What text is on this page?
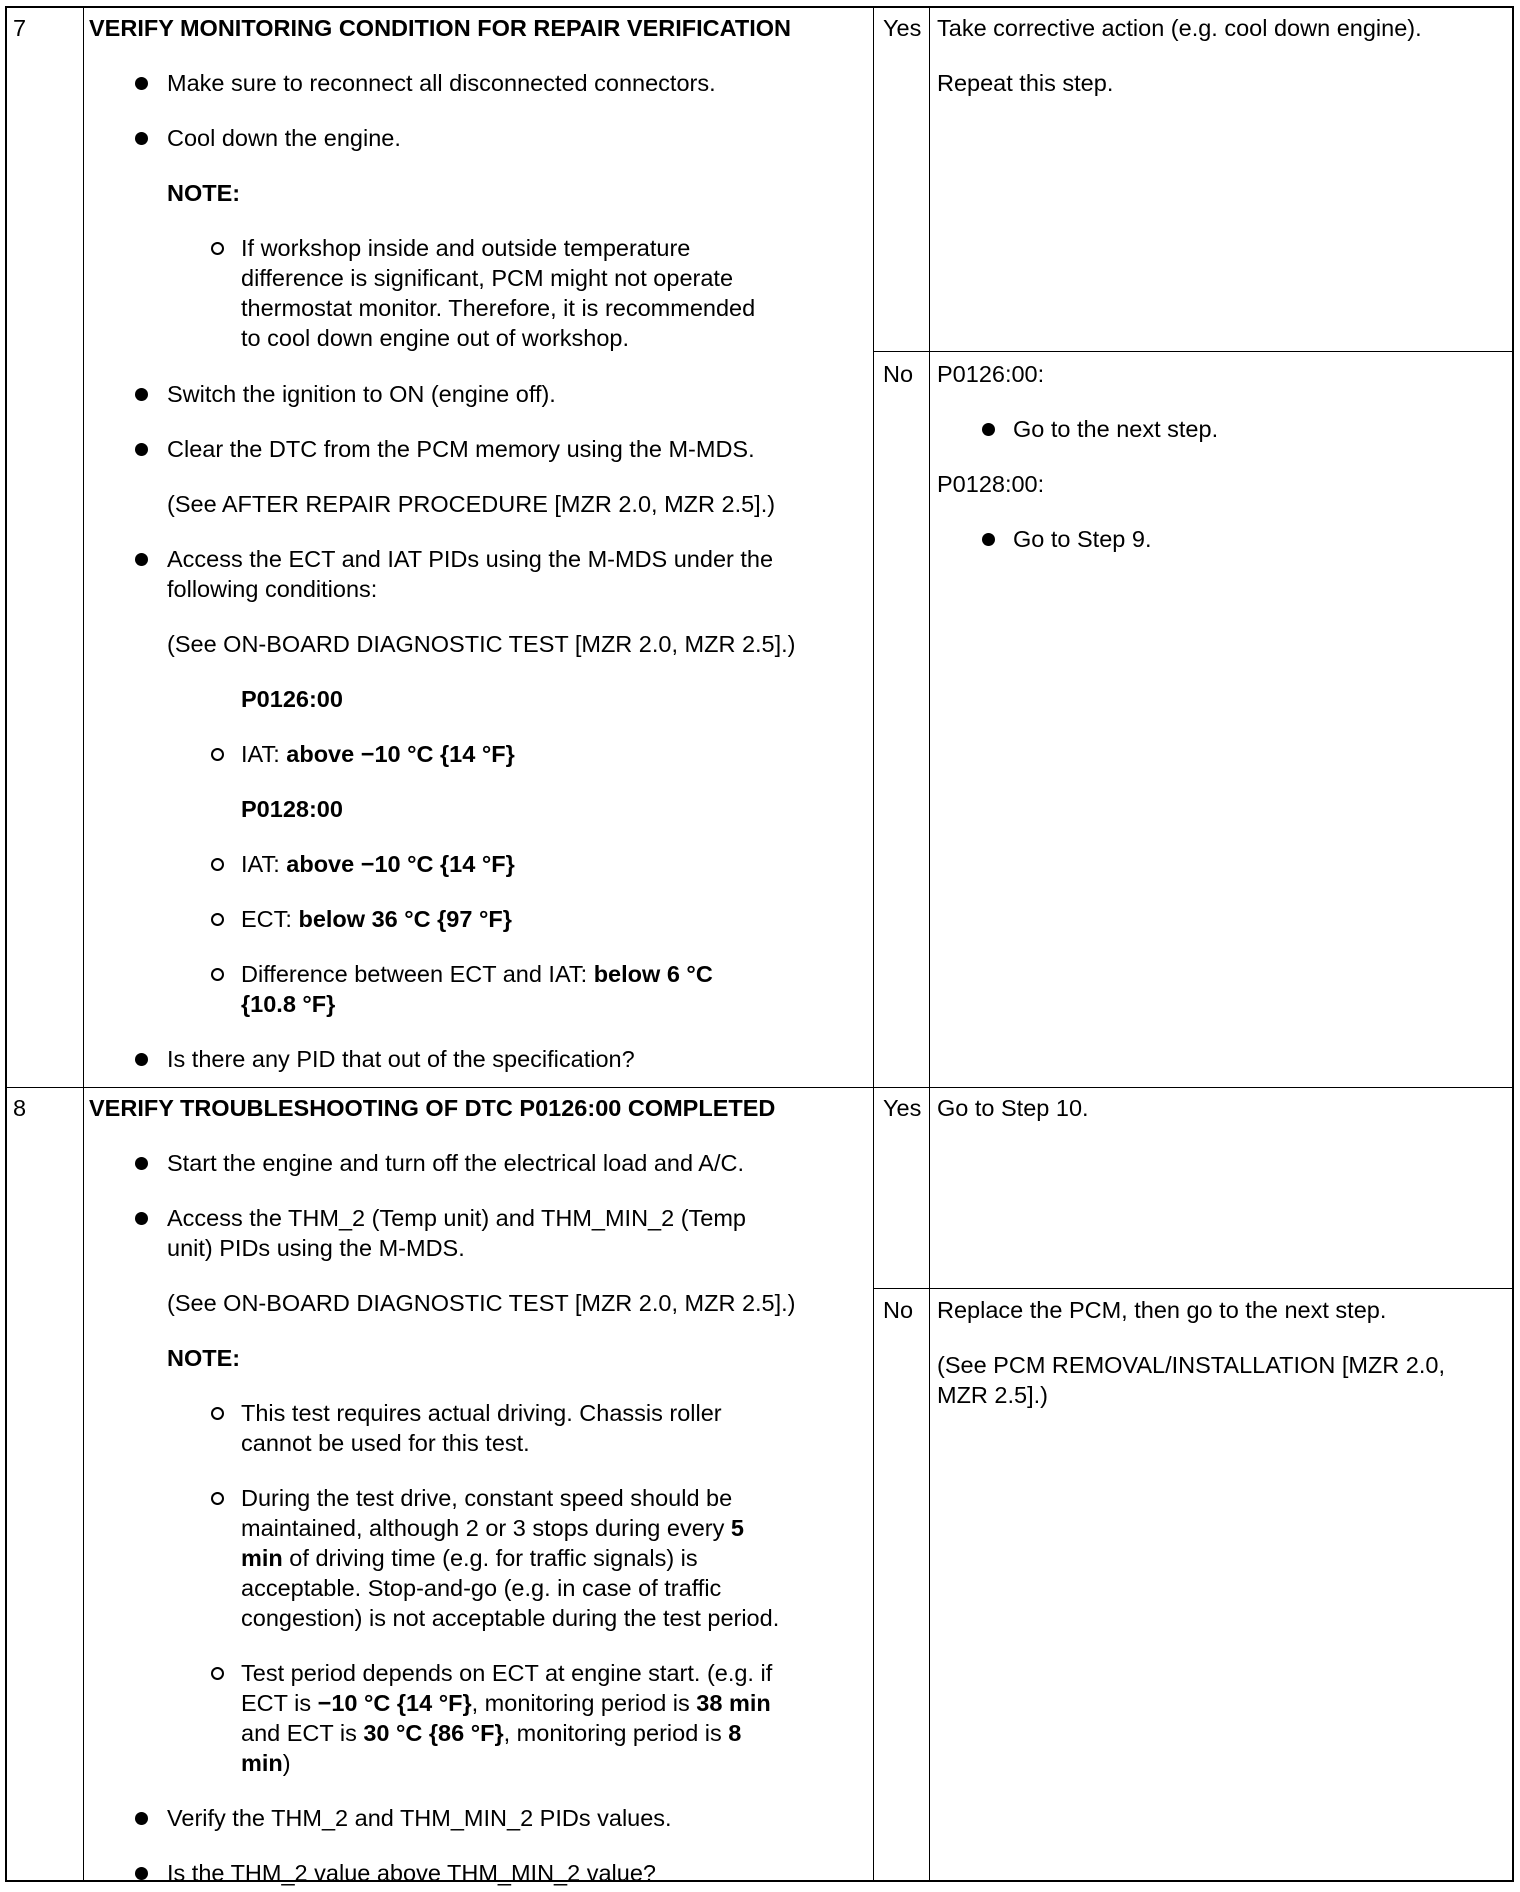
7	VERIFY MONITORING CONDITION FOR REPAIR VERIFICATION
Make sure to reconnect all disconnected connectors.
Cool down the engine.
NOTE:
If workshop inside and outside temperature
difference is significant, PCM might not operate
thermostat monitor. Therefore, it is recommended
to cool down engine out of workshop.
Switch the ignition to ON (engine off).
Clear the DTC from the PCM memory using the M-MDS.
(See AFTER REPAIR PROCEDURE [MZR 2.0, MZR 2.5].)
Access the ECT and IAT PIDs using the M-MDS under the
following conditions:
(See ON-BOARD DIAGNOSTIC TEST [MZR 2.0, MZR 2.5].)
P0126:00
IAT: above −10 °C {14 °F}
P0128:00
IAT: above −10 °C {14 °F}
ECT: below 36 °C {97 °F}
Difference between ECT and IAT: below 6 °C
{10.8 °F}
Is there any PID that out of the specification?
Yes Take corrective action (e.g. cool down engine).
Repeat this step.
No P0126:00:
Go to the next step.
P0128:00:
Go to Step 9.
8	VERIFY TROUBLESHOOTING OF DTC P0126:00 COMPLETED
Start the engine and turn off the electrical load and A/C.
Access the THM_2 (Temp unit) and THM_MIN_2 (Temp
unit) PIDs using the M-MDS.
(See ON-BOARD DIAGNOSTIC TEST [MZR 2.0, MZR 2.5].)
NOTE:
This test requires actual driving. Chassis roller
cannot be used for this test.
During the test drive, constant speed should be
maintained, although 2 or 3 stops during every 5
min of driving time (e.g. for traffic signals) is
acceptable. Stop-and-go (e.g. in case of traffic
congestion) is not acceptable during the test period.
Test period depends on ECT at engine start. (e.g. if
ECT is −10 °C {14 °F}, monitoring period is 38 min
and ECT is 30 °C {86 °F}, monitoring period is 8
min)
Verify the THM_2 and THM_MIN_2 PIDs values.
Is the THM_2 value above THM_MIN_2 value?
Yes Go to Step 10.
No Replace the PCM, then go to the next step.
(See PCM REMOVAL/INSTALLATION [MZR 2.0,
MZR 2.5].)
